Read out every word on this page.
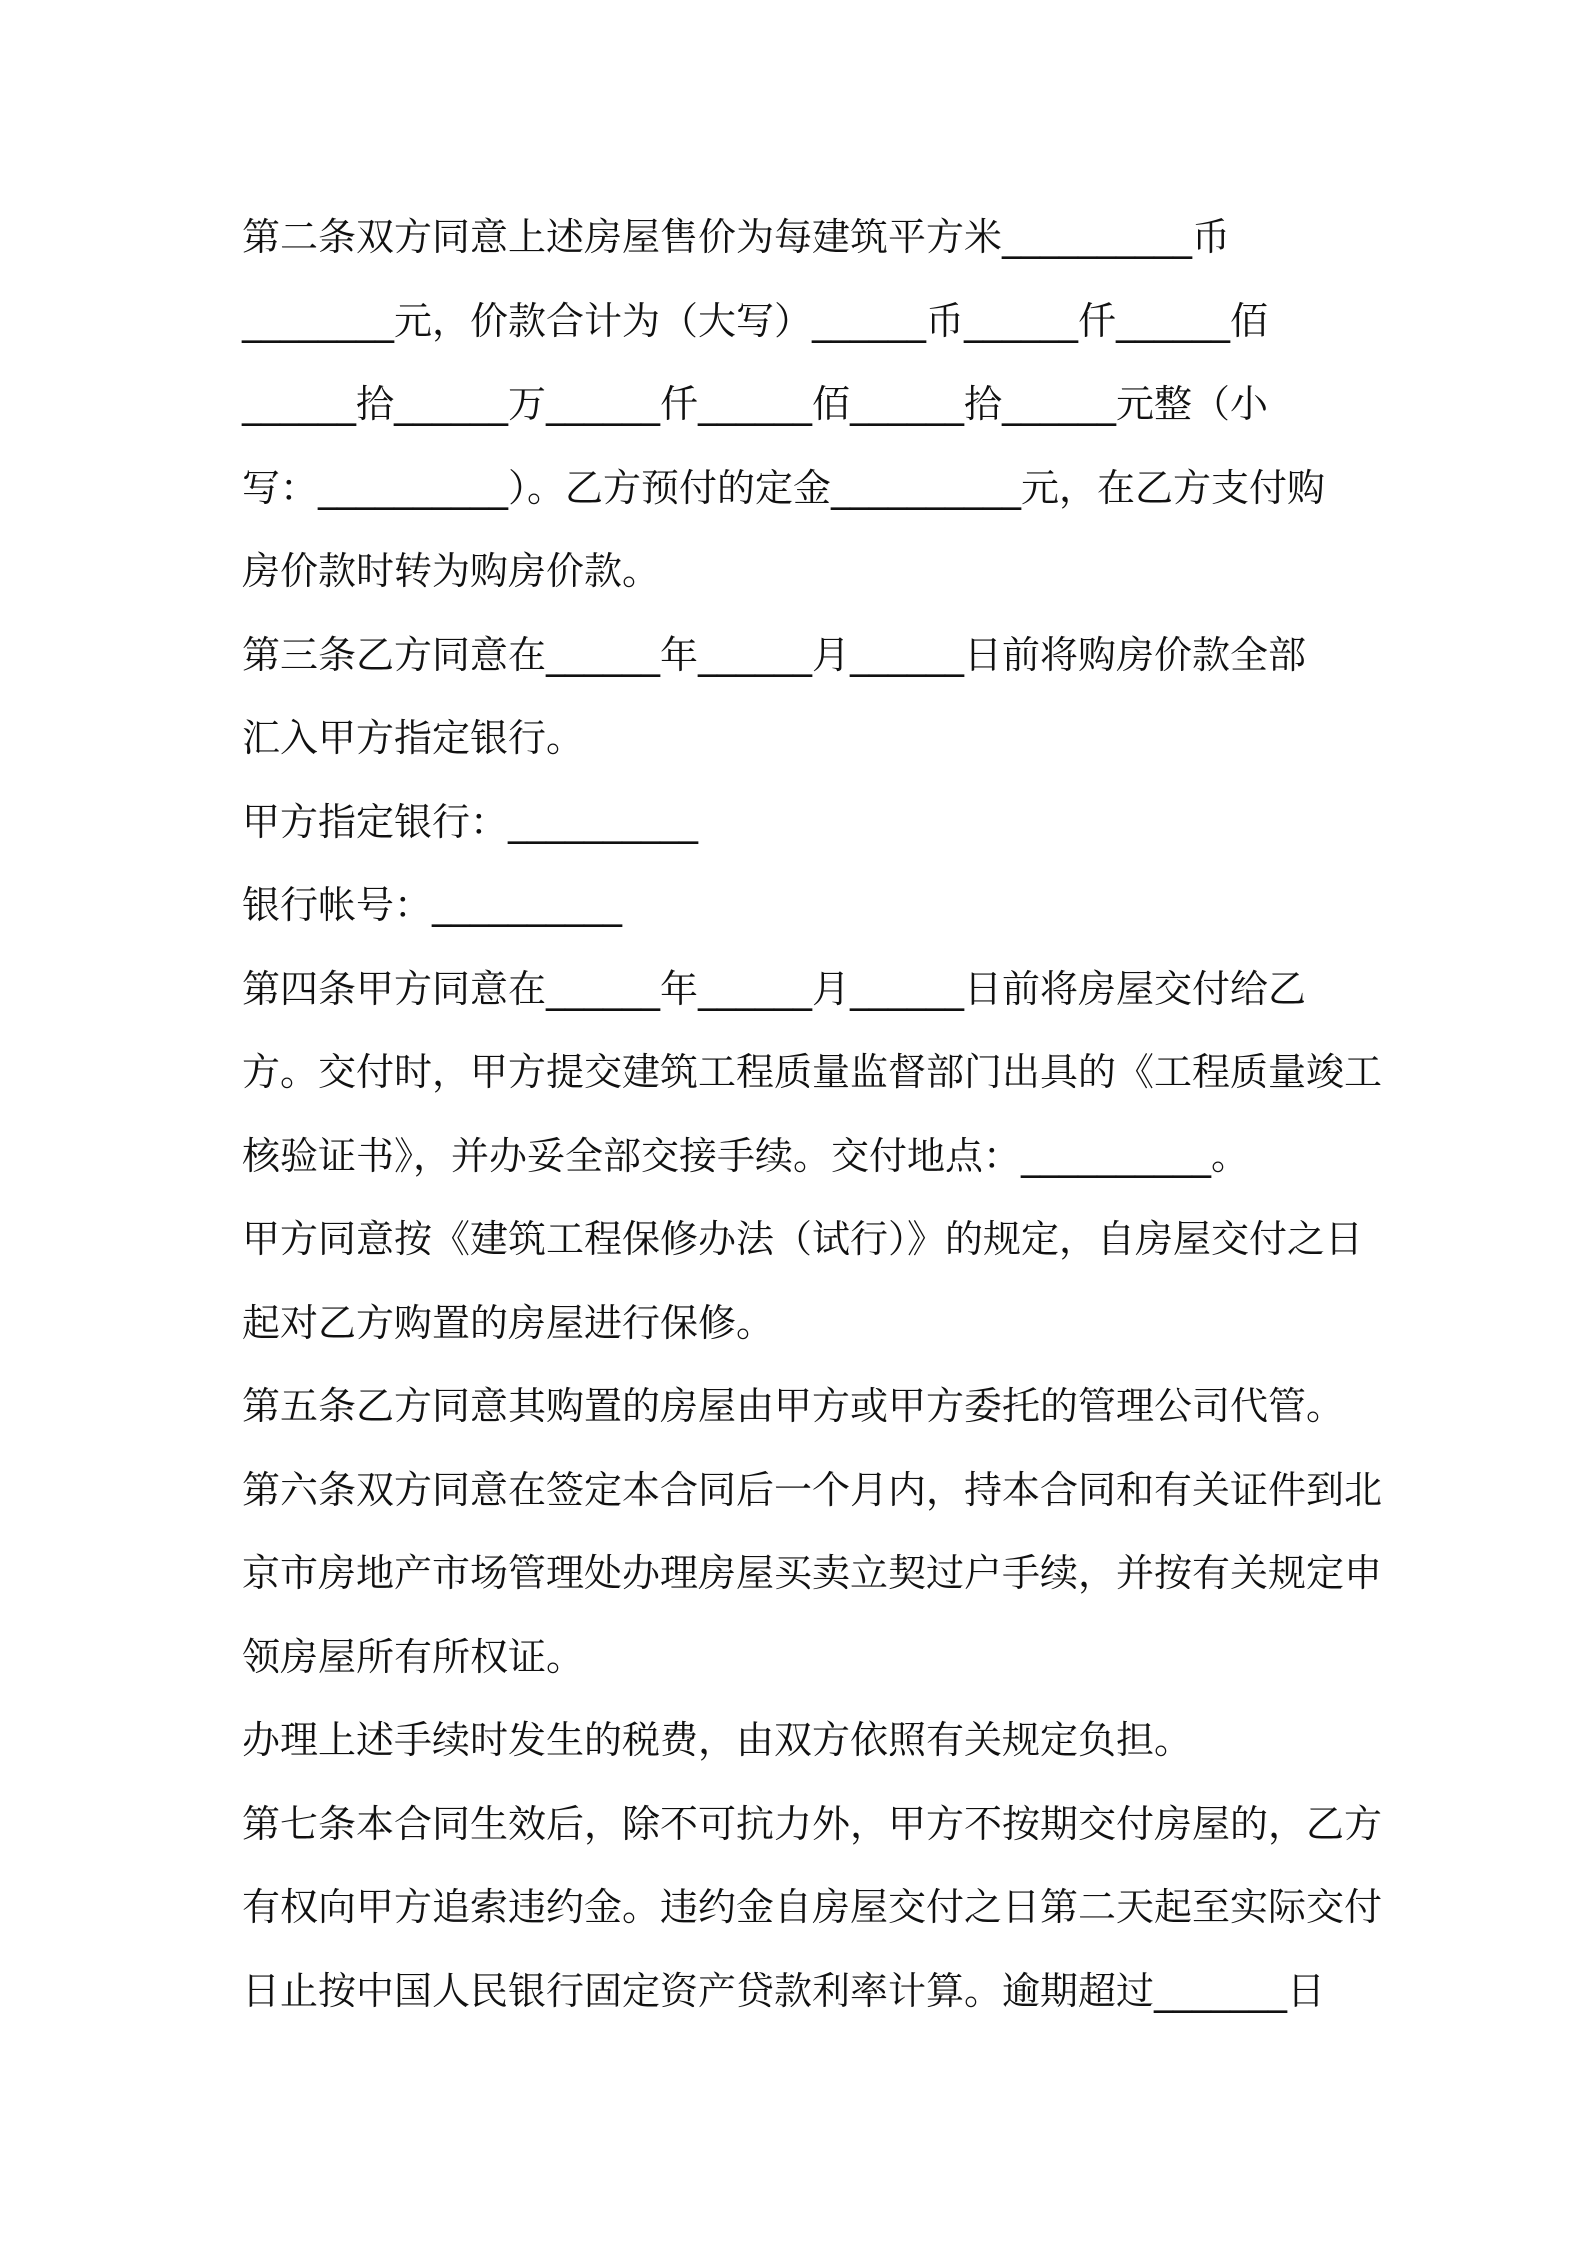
第二条双方同意上述房屋售价为每建筑平方米__________币
________元，价款合计为（大写）______币______仟______佰
______拾______万______仟______佰______拾______元整（小
写：__________）。乙方预付的定金__________元，在乙方支付购
房价款时转为购房价款。
第三条乙方同意在______年______月______日前将购房价款全部
汇入甲方指定银行。
甲方指定银行：__________
银行帐号：__________
第四条甲方同意在______年______月______日前将房屋交付给乙
方。交付时，甲方提交建筑工程质量监督部门出具的《工程质量竣工
核验证书》，并办妥全部交接手续。交付地点：__________。
甲方同意按《建筑工程保修办法（试行）》的规定，自房屋交付之日
起对乙方购置的房屋进行保修。
第五条乙方同意其购置的房屋由甲方或甲方委托的管理公司代管。
第六条双方同意在签定本合同后一个月内，持本合同和有关证件到北
京市房地产市场管理处办理房屋买卖立契过户手续，并按有关规定申
领房屋所有所权证。
办理上述手续时发生的税费，由双方依照有关规定负担。
第七条本合同生效后，除不可抗力外，甲方不按期交付房屋的，乙方
有权向甲方追索违约金。违约金自房屋交付之日第二天起至实际交付
日止按中国人民银行固定资产贷款利率计算。逾期超过_______日
